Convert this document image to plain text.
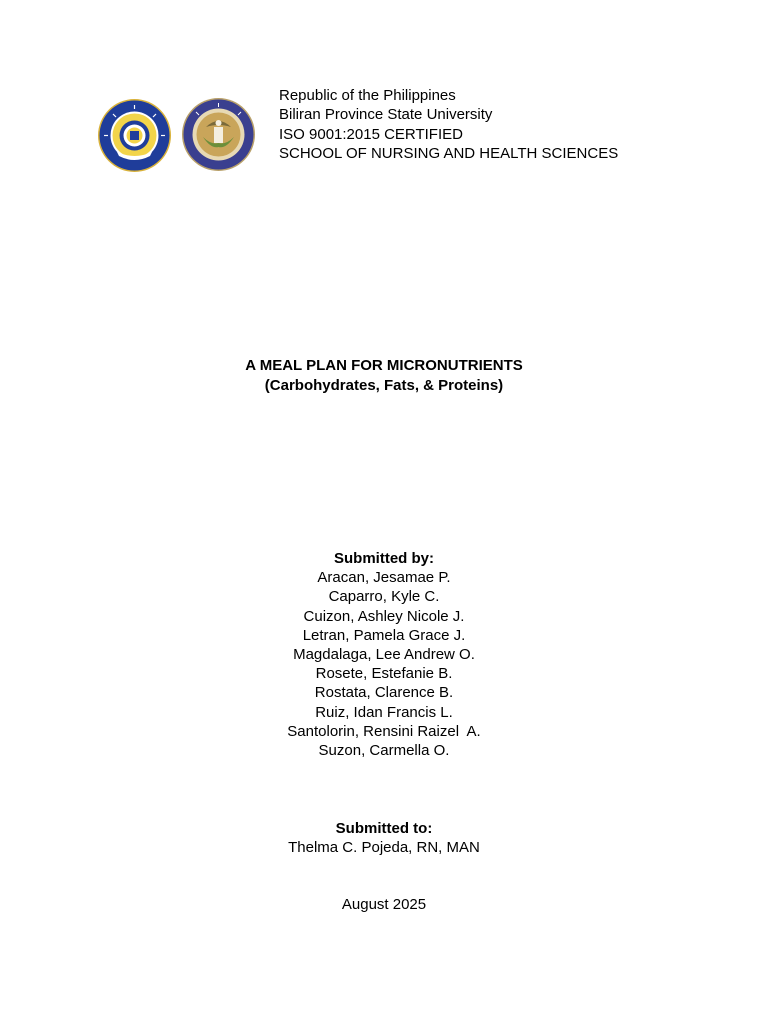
Republic of the Philippines
Biliran Province State University
ISO 9001:2015 CERTIFIED
SCHOOL OF NURSING AND HEALTH SCIENCES
A MEAL PLAN FOR MICRONUTRIENTS
(Carbohydrates, Fats, & Proteins)
Submitted by:
Aracan, Jesamae P.
Caparro, Kyle C.
Cuizon, Ashley Nicole J.
Letran, Pamela Grace J.
Magdalaga, Lee Andrew O.
Rosete, Estefanie B.
Rostata, Clarence B.
Ruiz, Idan Francis L.
Santolorin, Rensini Raizel  A.
Suzon, Carmella O.
Submitted to:
Thelma C. Pojeda, RN, MAN
August 2025
